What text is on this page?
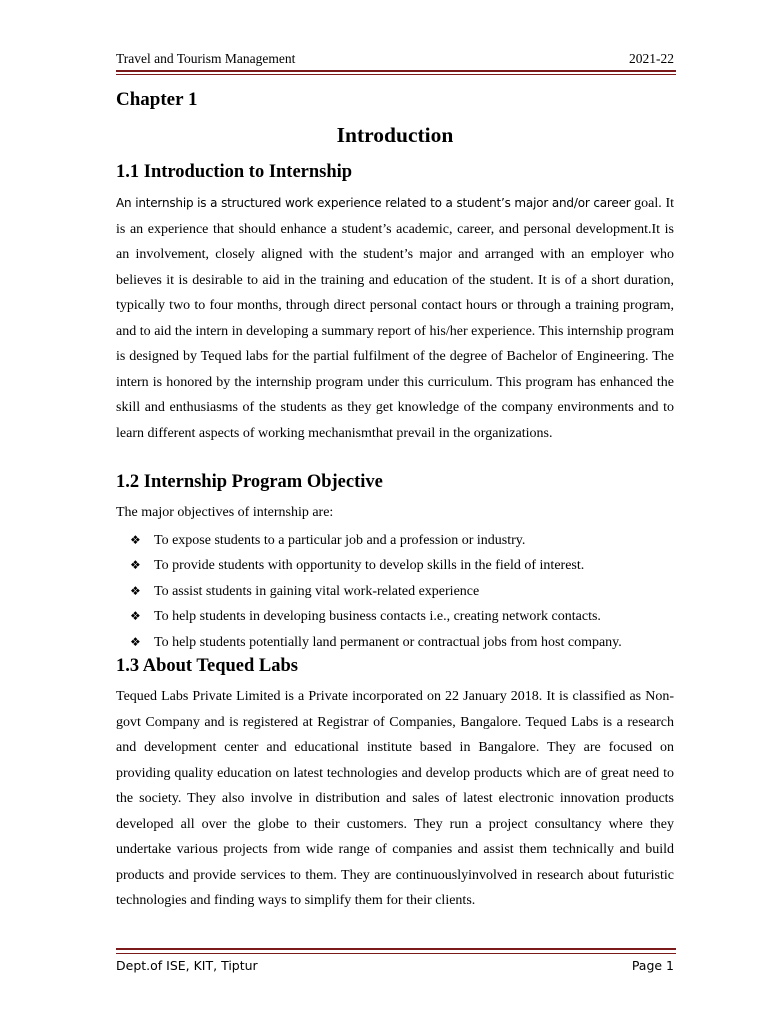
Travel and Tourism Management	2021-22
Chapter 1
Introduction
1.1 Introduction to Internship

An internship is a structured work experience related to a student’s major and/or career goal. It is an experience that should enhance a student’s academic, career, and personal development.It is an involvement, closely aligned with the student’s major and arranged with an employer who believes it is desirable to aid in the training and education of the student. It is of a short duration, typically two to four months, through direct personal contact hours or through a training program, and to aid the intern in developing a summary report of his/her experience. This internship program is designed by Tequed labs for the partial fulfilment of the degree of Bachelor of Engineering. The intern is honored by the internship program under this curriculum. This program has enhanced the skill and enthusiasms of the students as they get knowledge of the company environments and to learn different aspects of working mechanismthat prevail in the organizations.

1.2 Internship Program Objective
The major objectives of internship are:
❖ To expose students to a particular job and a profession or industry.
❖ To provide students with opportunity to develop skills in the field of interest.
❖ To assist students in gaining vital work-related experience
❖ To help students in developing business contacts i.e., creating network contacts.
❖ To help students potentially land permanent or contractual jobs from host company.
1.3 About Tequed Labs

Tequed Labs Private Limited is a Private incorporated on 22 January 2018. It is classified as Non-govt Company and is registered at Registrar of Companies, Bangalore. Tequed Labs is a research and development center and educational institute based in Bangalore. They are focused on providing quality education on latest technologies and develop products which are of great need to the society. They also involve in distribution and sales of latest electronic innovation products developed all over the globe to their customers. They run a project consultancy where they undertake various projects from wide range of companies and assist them technically and build products and provide services to them. They are continuouslyinvolved in research about futuristic technologies and finding ways to simplify them for their clients.

Dept.of ISE, KIT, Tiptur	Page 1
